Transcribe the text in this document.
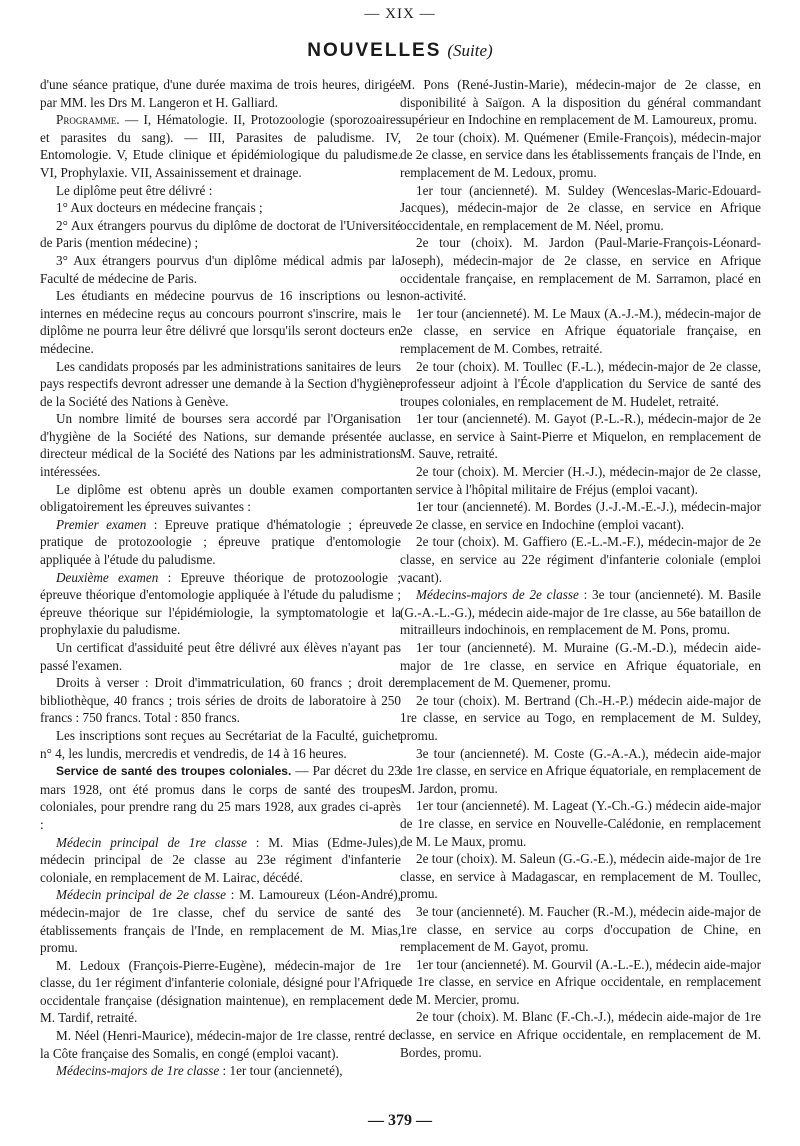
— XIX —
NOUVELLES (Suite)

d'une séance pratique, d'une durée maxima de trois heures, dirigée par MM. les Drs M. Langeron et H. Galliard.

Programme. — I, Hématologie. II, Protozoologie (sporozoaires et parasites du sang). — III, Parasites de paludisme. IV, Entomologie. V, Etude clinique et épidémiologique du paludisme. VI, Prophylaxie. VII, Assainissement et drainage.

Le diplôme peut être délivré :

1° Aux docteurs en médecine français ;

2° Aux étrangers pourvus du diplôme de doctorat de l'Université de Paris (mention médecine) ;

3° Aux étrangers pourvus d'un diplôme médical admis par la Faculté de médecine de Paris.

Les étudiants en médecine pourvus de 16 inscriptions ou les internes en médecine reçus au concours pourront s'inscrire, mais le diplôme ne pourra leur être délivré que lorsqu'ils seront docteurs en médecine.

Les candidats proposés par les administrations sanitaires de leurs pays respectifs devront adresser une demande à la Section d'hygiène de la Société des Nations à Genève.

Un nombre limité de bourses sera accordé par l'Organisation d'hygiène de la Société des Nations, sur demande présentée au directeur médical de la Société des Nations par les administrations intéressées.

Le diplôme est obtenu après un double examen comportant obligatoirement les épreuves suivantes :

Premier examen : Epreuve pratique d'hématologie ; épreuve pratique de protozoologie ; épreuve pratique d'entomologie appliquée à l'étude du paludisme.

Deuxième examen : Epreuve théorique de protozoologie ; épreuve théorique d'entomologie appliquée à l'étude du paludisme ; épreuve théorique sur l'épidémiologie, la symptomatologie et la prophylaxie du paludisme.

Un certificat d'assiduité peut être délivré aux élèves n'ayant pas passé l'examen.

Droits à verser : Droit d'immatriculation, 60 francs ; droit de bibliothèque, 40 francs ; trois séries de droits de laboratoire à 250 francs : 750 francs. Total : 850 francs.

Les inscriptions sont reçues au Secrétariat de la Faculté, guichet n° 4, les lundis, mercredis et vendredis, de 14 à 16 heures.

Service de santé des troupes coloniales. — Par décret du 23 mars 1928, ont été promus dans le corps de santé des troupes coloniales, pour prendre rang du 25 mars 1928, aux grades ci-après :

Médecin principal de 1re classe : M. Mias (Edme-Jules), médecin principal de 2e classe au 23e régiment d'infanterie coloniale, en remplacement de M. Lairac, décédé.

Médecin principal de 2e classe : M. Lamoureux (Léon-André), médecin-major de 1re classe, chef du service de santé des établissements français de l'Inde, en remplacement de M. Mias, promu.

M. Ledoux (François-Pierre-Eugène), médecin-major de 1re classe, du 1er régiment d'infanterie coloniale, désigné pour l'Afrique occidentale française (désignation maintenue), en remplacement de M. Tardif, retraité.

M. Néel (Henri-Maurice), médecin-major de 1re classe, rentré de la Côte française des Somalis, en congé (emploi vacant).

Médecins-majors de 1re classe : 1er tour (ancienneté),

M. Pons (René-Justin-Marie), médecin-major de 2e classe, en disponibilité à Saïgon. A la disposition du général commandant supérieur en Indochine en remplacement de M. Lamoureux, promu.

2e tour (choix). M. Quémener (Emile-François), médecin-major de 2e classe, en service dans les établissements français de l'Inde, en remplacement de M. Ledoux, promu.

1er tour (ancienneté). M. Suldey (Wenceslas-Maric-Edouard-Jacques), médecin-major de 2e classe, en service en Afrique occidentale, en remplacement de M. Néel, promu.

2e tour (choix). M. Jardon (Paul-Marie-François-Léonard-Joseph), médecin-major de 2e classe, en service en Afrique occidentale française, en remplacement de M. Sarramon, placé en non-activité.

1er tour (ancienneté). M. Le Maux (A.-J.-M.), médecin-major de 2e classe, en service en Afrique équatoriale française, en remplacement de M. Combes, retraité.

2e tour (choix). M. Toullec (F.-L.), médecin-major de 2e classe, professeur adjoint à l'École d'application du Service de santé des troupes coloniales, en remplacement de M. Hudelet, retraité.

1er tour (ancienneté). M. Gayot (P.-L.-R.), médecin-major de 2e classe, en service à Saint-Pierre et Miquelon, en remplacement de M. Sauve, retraité.

2e tour (choix). M. Mercier (H.-J.), médecin-major de 2e classe, en service à l'hôpital militaire de Fréjus (emploi vacant).

1er tour (ancienneté). M. Bordes (J.-J.-M.-E.-J.), médecin-major de 2e classe, en service en Indochine (emploi vacant).

2e tour (choix). M. Gaffiero (E.-L.-M.-F.), médecin-major de 2e classe, en service au 22e régiment d'infanterie coloniale (emploi vacant).

Médecins-majors de 2e classe : 3e tour (ancienneté). M. Basile (G.-A.-L.-G.), médecin aide-major de 1re classe, au 56e bataillon de mitrailleurs indochinois, en remplacement de M. Pons, promu.

1er tour (ancienneté). M. Muraine (G.-M.-D.), médecin aide-major de 1re classe, en service en Afrique équatoriale, en remplacement de M. Quemener, promu.

2e tour (choix). M. Bertrand (Ch.-H.-P.) médecin aide-major de 1re classe, en service au Togo, en remplacement de M. Suldey, promu.

3e tour (ancienneté). M. Coste (G.-A.-A.), médecin aide-major de 1re classe, en service en Afrique équatoriale, en remplacement de M. Jardon, promu.

1er tour (ancienneté). M. Lageat (Y.-Ch.-G.) médecin aide-major de 1re classe, en service en Nouvelle-Calédonie, en remplacement de M. Le Maux, promu.

2e tour (choix). M. Saleun (G.-G.-E.), médecin aide-major de 1re classe, en service à Madagascar, en remplacement de M. Toullec, promu.

3e tour (ancienneté). M. Faucher (R.-M.), médecin aide-major de 1re classe, en service au corps d'occupation de Chine, en remplacement de M. Gayot, promu.

1er tour (ancienneté). M. Gourvil (A.-L.-E.), médecin aide-major de 1re classe, en service en Afrique occidentale, en remplacement de M. Mercier, promu.

2e tour (choix). M. Blanc (F.-Ch.-J.), médecin aide-major de 1re classe, en service en Afrique occidentale, en remplacement de M. Bordes, promu.

— 379 —
